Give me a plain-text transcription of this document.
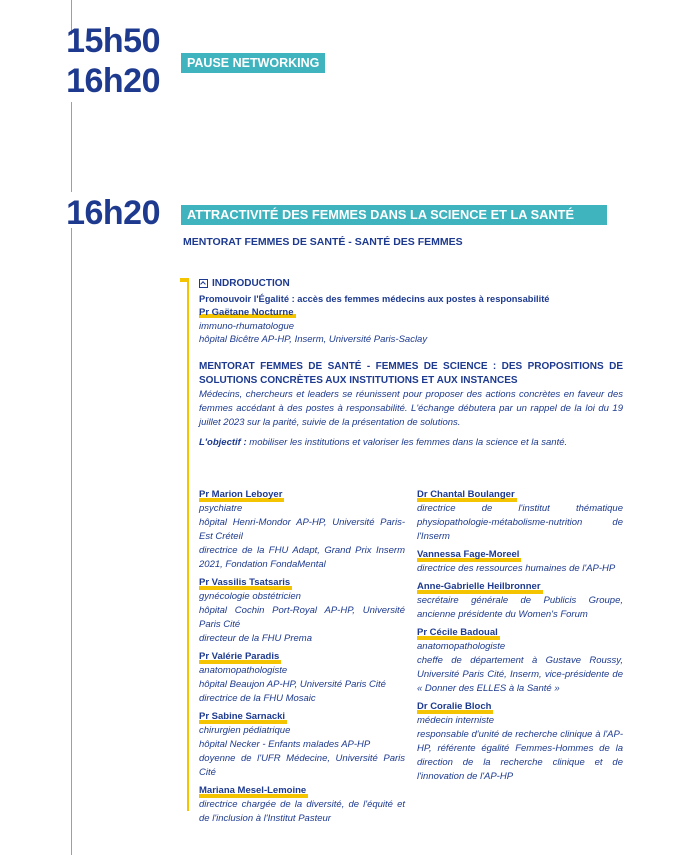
15h50
16h20	PAUSE NETWORKING
16h20	ATTRACTIVITÉ DES FEMMES DANS LA SCIENCE ET LA SANTÉ
MENTORAT FEMMES DE SANTÉ - SANTÉ DES FEMMES
INDRODUCTION
Promouvoir l'Égalité : accès des femmes médecins aux postes à responsabilité
Pr Gaëtane Nocturne
immuno-rhumatologue
hôpital Bicêtre AP-HP, Inserm, Université Paris-Saclay
MENTORAT FEMMES DE SANTÉ - FEMMES DE SCIENCE : DES PROPOSITIONS DE SOLUTIONS CONCRÈTES AUX INSTITUTIONS ET AUX INSTANCES
Médecins, chercheurs et leaders se réunissent pour proposer des actions concrètes en faveur des femmes accédant à des postes à responsabilité. L'échange débutera par un rappel de la loi du 19 juillet 2023 sur la parité, suivie de la présentation de solutions.
L'objectif : mobiliser les institutions et valoriser les femmes dans la science et la santé.
Pr Marion Leboyer
psychiatre
hôpital Henri-Mondor AP-HP, Université Paris-Est Créteil
directrice de la FHU Adapt, Grand Prix Inserm 2021, Fondation FondaMental
Pr Vassilis Tsatsaris
gynécologie obstétricien
hôpital Cochin Port-Royal AP-HP, Université Paris Cité
directeur de la FHU Prema
Pr Valérie Paradis
anatomopathologiste
hôpital Beaujon AP-HP, Université Paris Cité
directrice de la FHU Mosaic
Pr Sabine Sarnacki
chirurgien pédiatrique
hôpital Necker - Enfants malades AP-HP
doyenne de l'UFR Médecine, Université Paris Cité
Mariana Mesel-Lemoine
directrice chargée de la diversité, de l'équité et de l'inclusion à l'Institut Pasteur
Dr Chantal Boulanger
directrice de l'institut thématique physiopathologie-métabolisme-nutrition de l'Inserm
Vannessa Fage-Moreel
directrice des ressources humaines de l'AP-HP
Anne-Gabrielle Heilbronner
secrétaire générale de Publicis Groupe, ancienne présidente du Women's Forum
Pr Cécile Badoual
anatomopathologiste
cheffe de département à Gustave Roussy, Université Paris Cité, Inserm, vice-présidente de « Donner des ELLES à la Santé »
Dr Coralie Bloch
médecin interniste
responsable d'unité de recherche clinique à l'AP-HP, référente égalité Femmes-Hommes de la direction de la recherche clinique et de l'innovation de l'AP-HP
